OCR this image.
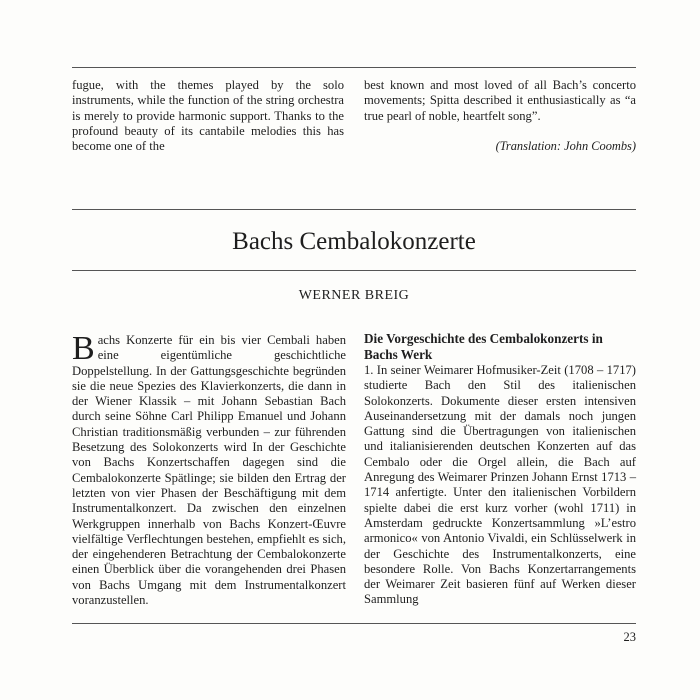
fugue, with the themes played by the solo instruments, while the function of the string orchestra is merely to provide harmonic support. Thanks to the profound beauty of its cantabile melodies this has become one of the

best known and most loved of all Bach’s concerto movements; Spitta described it enthusiastically as “a true pearl of noble, heartfelt song”.

(Translation: John Coombs)
Bachs Cembalokonzerte
WERNER BREIG

Bachs Konzerte für ein bis vier Cembali haben eine eigentümliche geschichtliche Doppelstellung. In der Gattungsgeschichte begründen sie die neue Spezies des Klavierkonzerts, die dann in der Wiener Klassik – mit Johann Sebastian Bach durch seine Söhne Carl Philipp Emanuel und Johann Christian traditionsmäßig verbunden – zur führenden Besetzung des Solokonzerts wird In der Geschichte von Bachs Konzertschaffen dagegen sind die Cembalokonzerte Spätlinge; sie bilden den Ertrag der letzten von vier Phasen der Beschäftigung mit dem Instrumentalkonzert. Da zwischen den einzelnen Werkgruppen innerhalb von Bachs Konzert-Œuvre vielfältige Verflechtungen bestehen, empfiehlt es sich, der eingehenderen Betrachtung der Cembalokonzerte einen Überblick über die vorangehenden drei Phasen von Bachs Umgang mit dem Instrumentalkonzert voranzustellen.

Die Vorgeschichte des Cembalokonzerts in Bachs Werk

1. In seiner Weimarer Hofmusiker-Zeit (1708 – 1717) studierte Bach den Stil des italienischen Solokonzerts. Dokumente dieser ersten intensiven Auseinandersetzung mit der damals noch jungen Gattung sind die Übertragungen von italienischen und italianisierenden deutschen Konzerten auf das Cembalo oder die Orgel allein, die Bach auf Anregung des Weimarer Prinzen Johann Ernst 1713 –1714 anfertigte. Unter den italienischen Vorbildern spielte dabei die erst kurz vorher (wohl 1711) in Amsterdam gedruckte Konzertsammlung »L’estro armonico« von Antonio Vivaldi, ein Schlüsselwerk in der Geschichte des Instrumentalkonzerts, eine besondere Rolle. Von Bachs Konzertarrangements der Weimarer Zeit basieren fünf auf Werken dieser Sammlung

23
